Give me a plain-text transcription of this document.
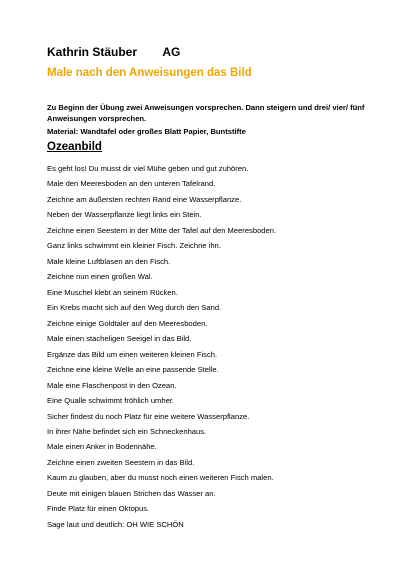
Kathrin Stäuber AG
Male nach den Anweisungen das Bild
Zu Beginn der Übung zwei Anweisungen vorsprechen. Dann steigern und drei/ vier/ fünf Anweisungen vorsprechen.
Material: Wandtafel oder großes Blatt Papier, Buntstifte
Ozeanbild
Es geht los! Du musst dir viel Mühe geben und gut zuhören.
Male den Meeresboden an den unteren Tafelrand.
Zeichne am äußersten rechten Rand eine Wasserpflanze.
Neben der Wasserpflanze liegt links ein Stein.
Zeichne einen Seestern in der Mitte der Tafel auf den Meeresboden.
Ganz links schwimmt ein kleiner Fisch. Zeichne ihn.
Male kleine Luftblasen an den Fisch.
Zeichne nun einen großen Wal.
Eine Muschel klebt an seinem Rücken.
Ein Krebs macht sich auf den Weg durch den Sand.
Zeichne einige Goldtaler auf den Meeresboden.
Male einen stacheligen Seeigel in das Bild.
Ergänze das Bild um einen weiteren kleinen Fisch.
Zeichne eine kleine Welle an eine passende Stelle.
Male eine Flaschenpost in den Ozean.
Eine Qualle schwimmt fröhlich umher.
Sicher findest du noch Platz für eine weitere Wasserpflanze.
In ihrer Nähe befindet sich ein Schneckenhaus.
Male einen Anker in Bodennähe.
Zeichne einen zweiten Seestern in das Bild.
Kaum zu glauben, aber du musst noch einen weiteren Fisch malen.
Deute mit einigen blauen Strichen das Wasser an.
Finde Platz für einen Oktopus.
Sage laut und deutlich: OH WIE SCHÖN
